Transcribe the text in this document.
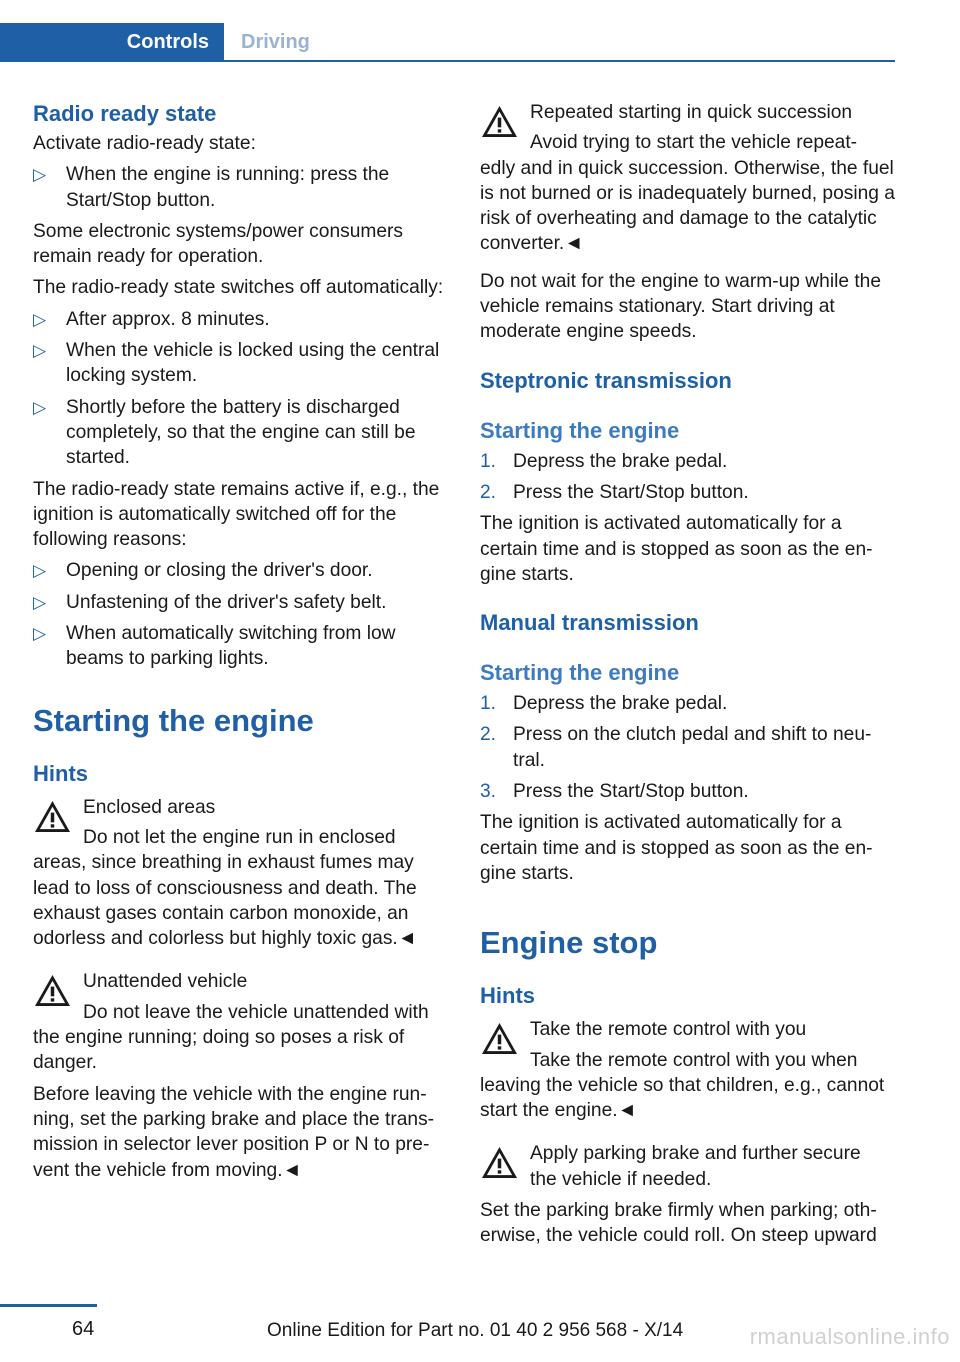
Controls Driving
Radio ready state

Activate radio-ready state:

▷ When the engine is running: press the Start/Stop button.

Some electronic systems/power consumers remain ready for operation.

The radio-ready state switches off automatically:

▷ After approx. 8 minutes.
▷ When the vehicle is locked using the central locking system.
▷ Shortly before the battery is discharged completely, so that the engine can still be started.

The radio-ready state remains active if, e.g., the ignition is automatically switched off for the following reasons:

▷ Opening or closing the driver's door.
▷ Unfastening of the driver's safety belt.
▷ When automatically switching from low beams to parking lights.
Starting the engine
Hints

Enclosed areas

Do not let the engine run in enclosed

areas, since breathing in exhaust fumes may lead to loss of consciousness and death. The exhaust gases contain carbon monoxide, an odorless and colorless but highly toxic gas.◄

Unattended vehicle

Do not leave the vehicle unattended with

the engine running; doing so poses a risk of danger.

Before leaving the vehicle with the engine running, set the parking brake and place the transmission in selector lever position P or N to prevent the vehicle from moving.◄

Repeated starting in quick succession

Avoid trying to start the vehicle repeat-

edly and in quick succession. Otherwise, the fuel is not burned or is inadequately burned, posing a risk of overheating and damage to the catalytic converter.◄

Do not wait for the engine to warm-up while the vehicle remains stationary. Start driving at moderate engine speeds.

Steptronic transmission
Starting the engine
1. Depress the brake pedal.
2. Press the Start/Stop button.

The ignition is activated automatically for a certain time and is stopped as soon as the engine starts.

Manual transmission
Starting the engine
1. Depress the brake pedal.
2. Press on the clutch pedal and shift to neutral.
3. Press the Start/Stop button.

The ignition is activated automatically for a certain time and is stopped as soon as the engine starts.

Engine stop
Hints

Take the remote control with you

Take the remote control with you when

leaving the vehicle so that children, e.g., cannot start the engine.◄

Apply parking brake and further secure

the vehicle if needed.

Set the parking brake firmly when parking; otherwise, the vehicle could roll. On steep upward

64	Online Edition for Part no. 01 40 2 956 568 - X/14	rmanualsonline.info
